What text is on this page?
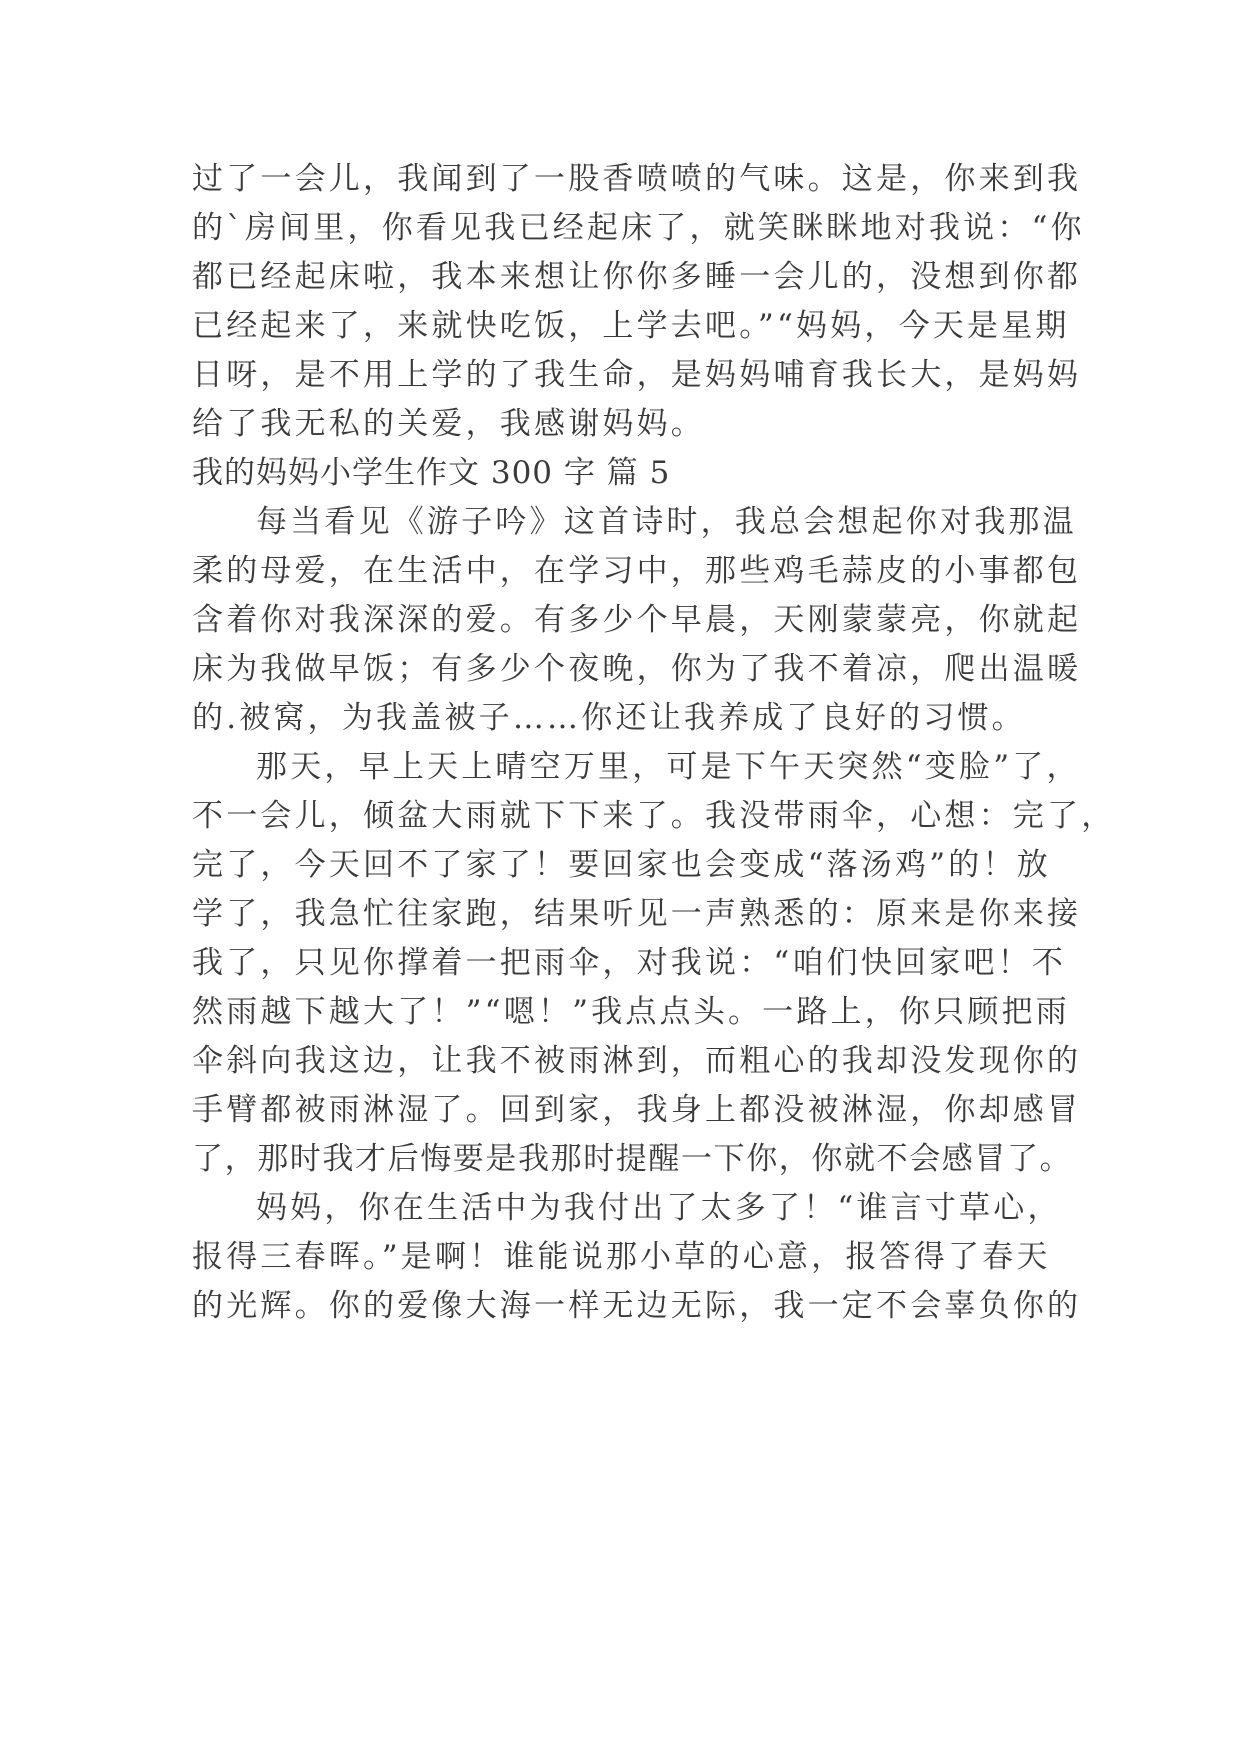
过了一会儿，我闻到了一股香喷喷的气味。这是，你来到我
的`房间里，你看见我已经起床了，就笑眯眯地对我说：“你
都已经起床啦，我本来想让你你多睡一会儿的，没想到你都
已经起来了，来就快吃饭，上学去吧。”“妈妈，今天是星期
日呀，是不用上学的了我生命，是妈妈哺育我长大，是妈妈
给了我无私的关爱，我感谢妈妈。
我的妈妈小学生作文 300 字 篇 5
每当看见《游子吟》这首诗时，我总会想起你对我那温
柔的母爱，在生活中，在学习中，那些鸡毛蒜皮的小事都包
含着你对我深深的爱。有多少个早晨，天刚蒙蒙亮，你就起
床为我做早饭；有多少个夜晚，你为了我不着凉，爬出温暖
的.被窝，为我盖被子……你还让我养成了良好的习惯。
那天，早上天上晴空万里，可是下午天突然“变脸”了，
不一会儿，倾盆大雨就下下来了。我没带雨伞，心想：完了，
完了，今天回不了家了！要回家也会变成“落汤鸡”的！放
学了，我急忙往家跑，结果听见一声熟悉的：原来是你来接
我了，只见你撑着一把雨伞，对我说：“咱们快回家吧！不
然雨越下越大了！”“嗯！”我点点头。一路上，你只顾把雨
伞斜向我这边，让我不被雨淋到，而粗心的我却没发现你的
手臂都被雨淋湿了。回到家，我身上都没被淋湿，你却感冒
了，那时我才后悔要是我那时提醒一下你，你就不会感冒了。
妈妈，你在生活中为我付出了太多了！“谁言寸草心，
报得三春晖。”是啊！谁能说那小草的心意，报答得了春天
的光辉。你的爱像大海一样无边无际，我一定不会辜负你的
